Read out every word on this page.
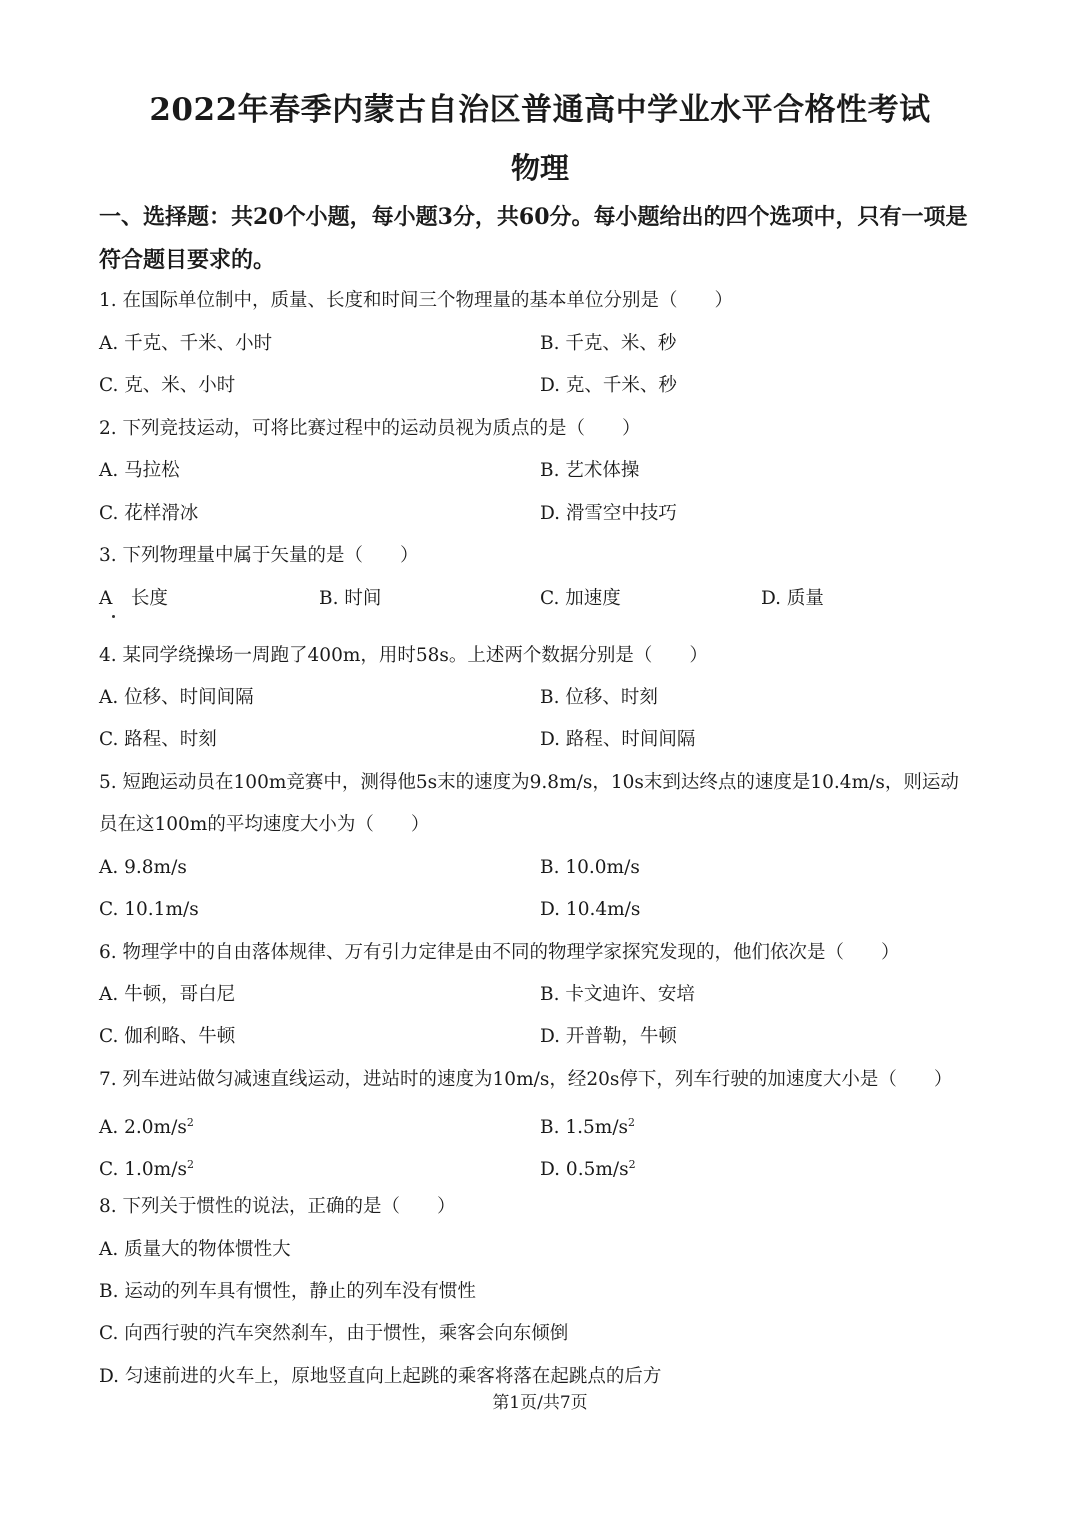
2022年春季内蒙古自治区普通高中学业水平合格性考试
物理

一、选择题：共20个小题，每小题3分，共60分。每小题给出的四个选项中，只有一项是符合题目要求的。

1. 在国际单位制中，质量、长度和时间三个物理量的基本单位分别是（　　）
A. 千克、千米、小时	B. 千克、米、秒
C. 克、米、小时	D. 克、千米、秒
2. 下列竞技运动，可将比赛过程中的运动员视为质点的是（　　）
A. 马拉松	B. 艺术体操
C. 花样滑冰	D. 滑雪空中技巧
3. 下列物理量中属于矢量的是（　　）
A　长度	B. 时间	C. 加速度	D. 质量
4. 某同学绕操场一周跑了400m，用时58s。上述两个数据分别是（　　）
A. 位移、时间间隔	B. 位移、时刻
C. 路程、时刻	D. 路程、时间间隔
5. 短跑运动员在100m竞赛中，测得他5s末的速度为9.8m/s，10s末到达终点的速度是10.4m/s，则运动员在这100m的平均速度大小为（　　）
A. 9.8m/s	B. 10.0m/s
C. 10.1m/s	D. 10.4m/s
6. 物理学中的自由落体规律、万有引力定律是由不同的物理学家探究发现的，他们依次是（　　）
A. 牛顿，哥白尼	B. 卡文迪许、安培
C. 伽利略、牛顿	D. 开普勒，牛顿
7. 列车进站做匀减速直线运动，进站时的速度为10m/s，经20s停下，列车行驶的加速度大小是（　　）
A. $2.0m/s^2$	B. $1.5m/s^2$
C. $1.0m/s^2$	D. $0.5m/s^2$
8. 下列关于惯性的说法，正确的是（　　）
A. 质量大的物体惯性大
B. 运动的列车具有惯性，静止的列车没有惯性
C. 向西行驶的汽车突然刹车，由于惯性，乘客会向东倾倒
D. 匀速前进的火车上，原地竖直向上起跳的乘客将落在起跳点的后方
第1页/共7页
